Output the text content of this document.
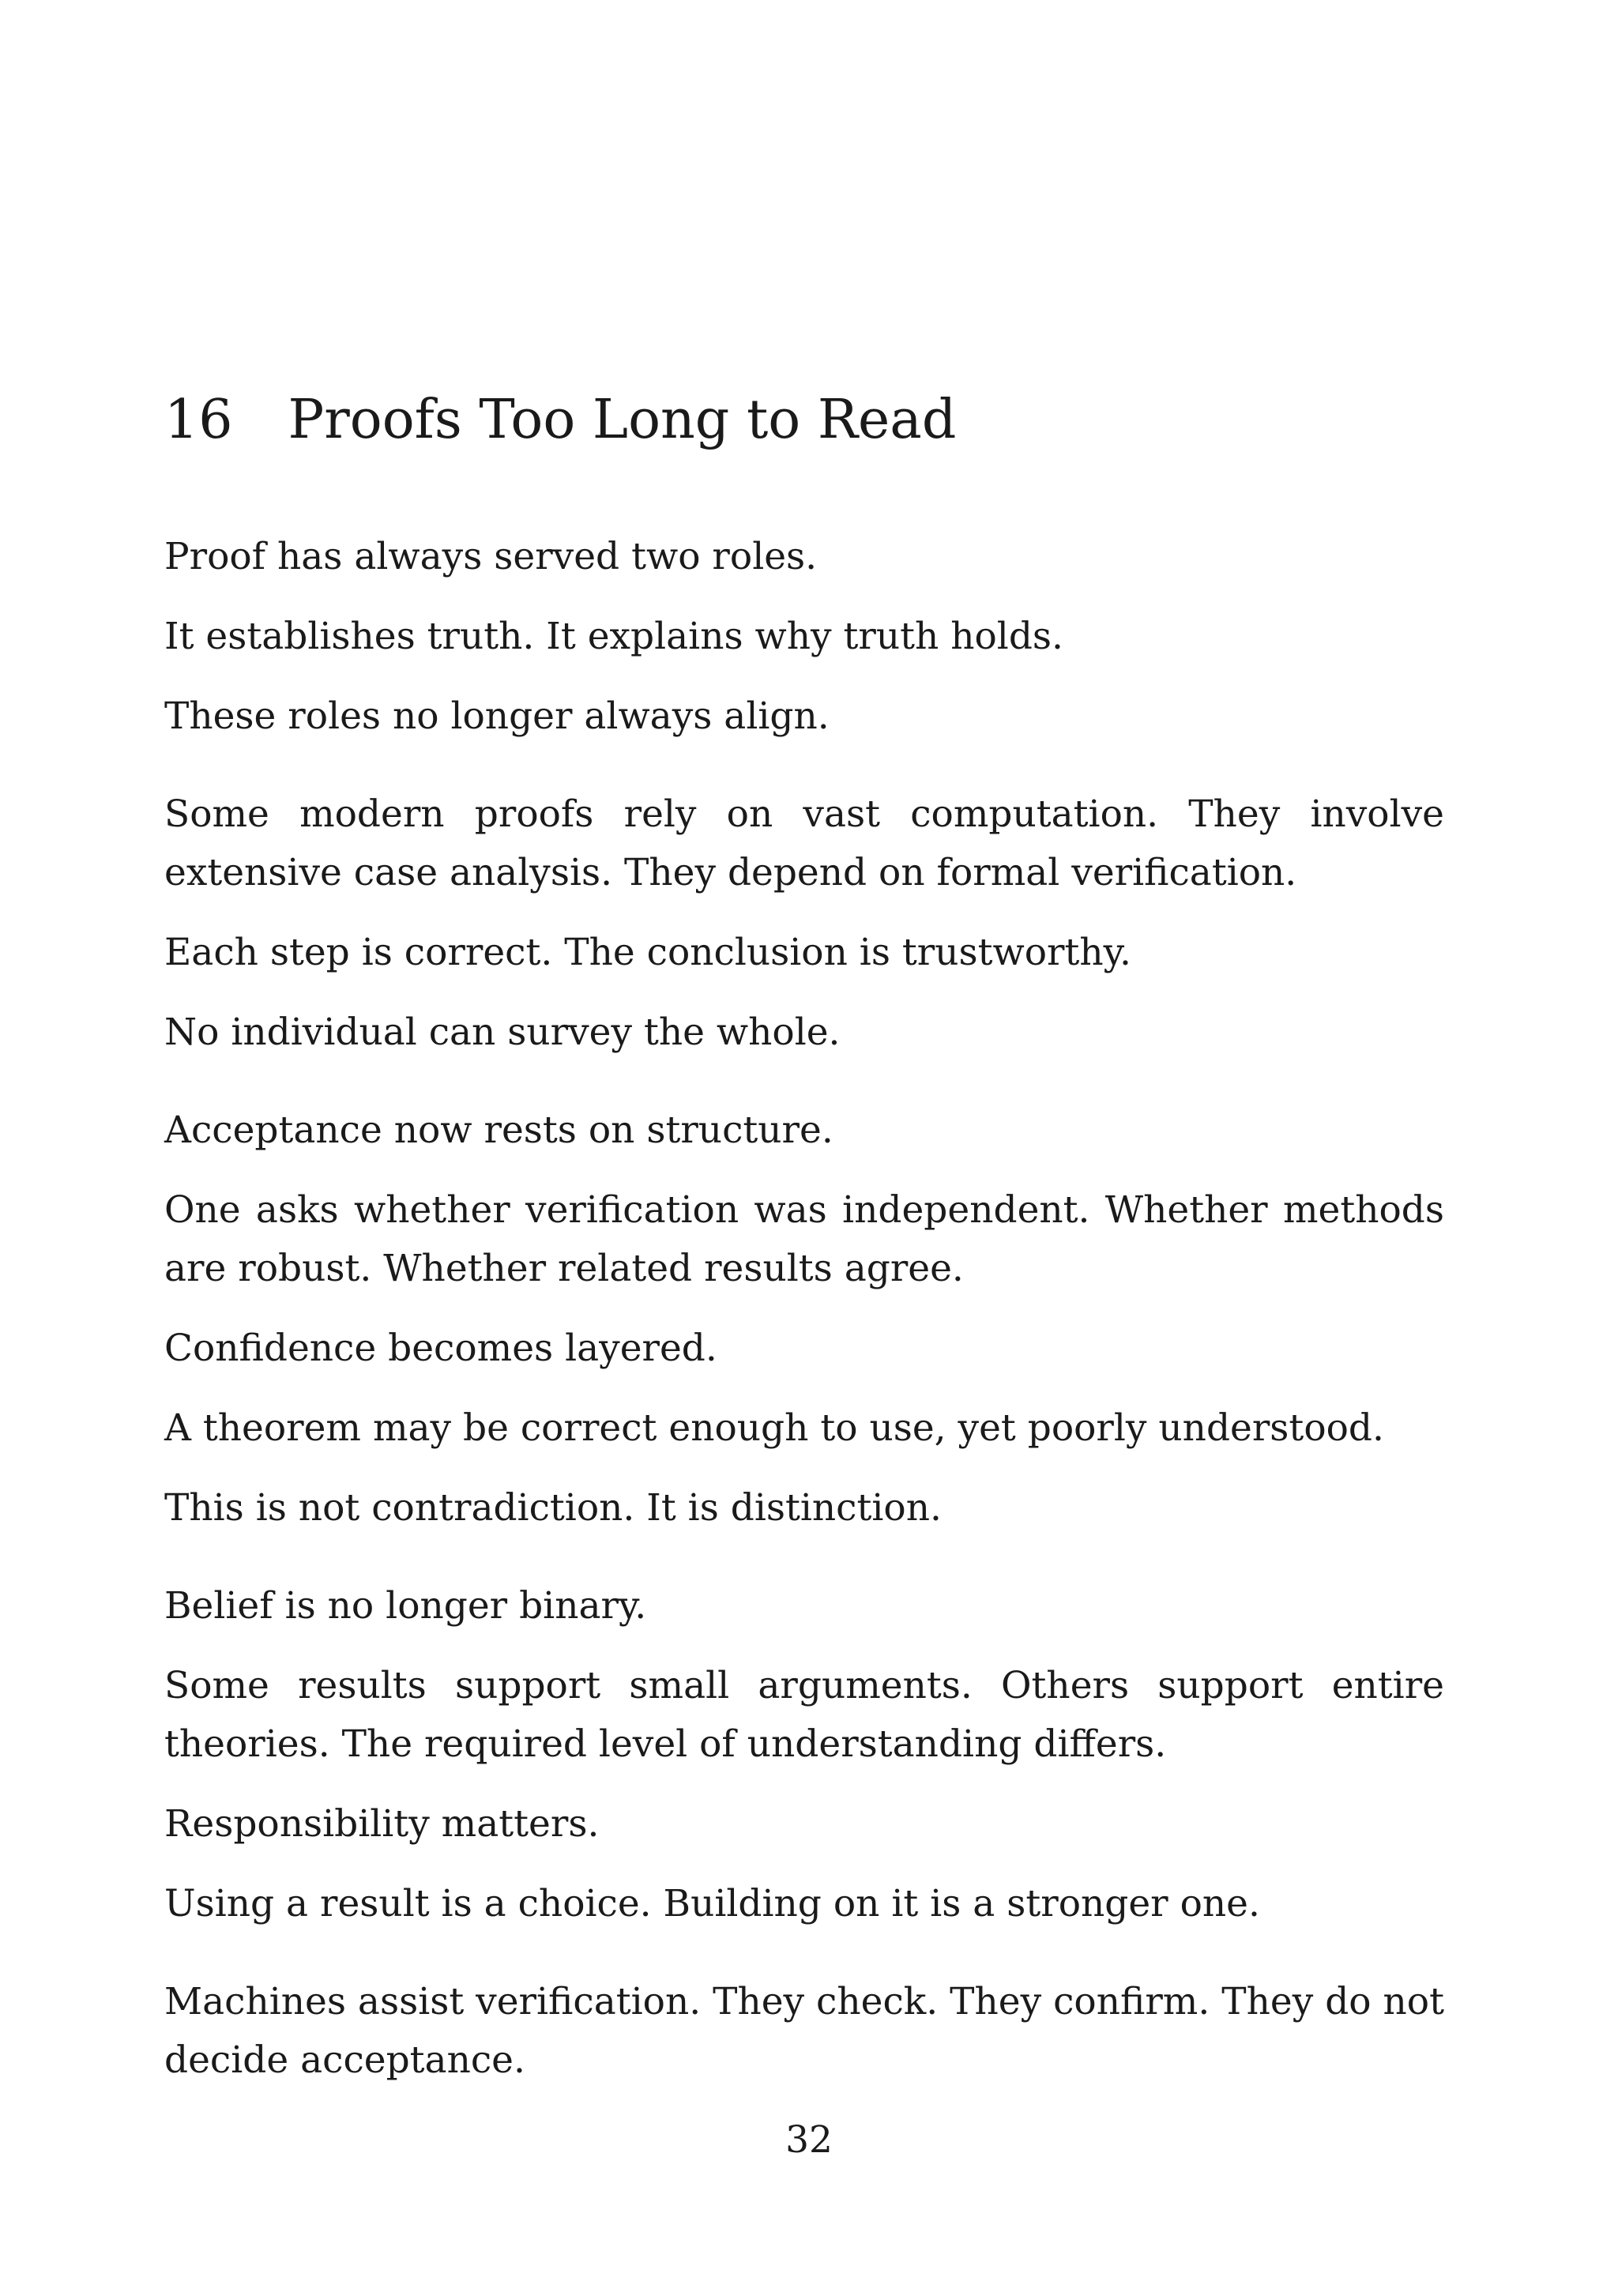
16 Proofs Too Long to Read

Proof has always served two roles.

It establishes truth. It explains why truth holds.

These roles no longer always align.

Some modern proofs rely on vast computation. They involve extensive case analysis. They depend on formal verification.

Each step is correct. The conclusion is trustworthy.

No individual can survey the whole.

Acceptance now rests on structure.

One asks whether verification was independent. Whether methods are robust. Whether related results agree.

Confidence becomes layered.

A theorem may be correct enough to use, yet poorly understood.

This is not contradiction. It is distinction.

Belief is no longer binary.

Some results support small arguments. Others support entire theories. The required level of understanding differs.

Responsibility matters.

Using a result is a choice. Building on it is a stronger one.

Machines assist verification. They check. They confirm. They do not decide acceptance.

32
